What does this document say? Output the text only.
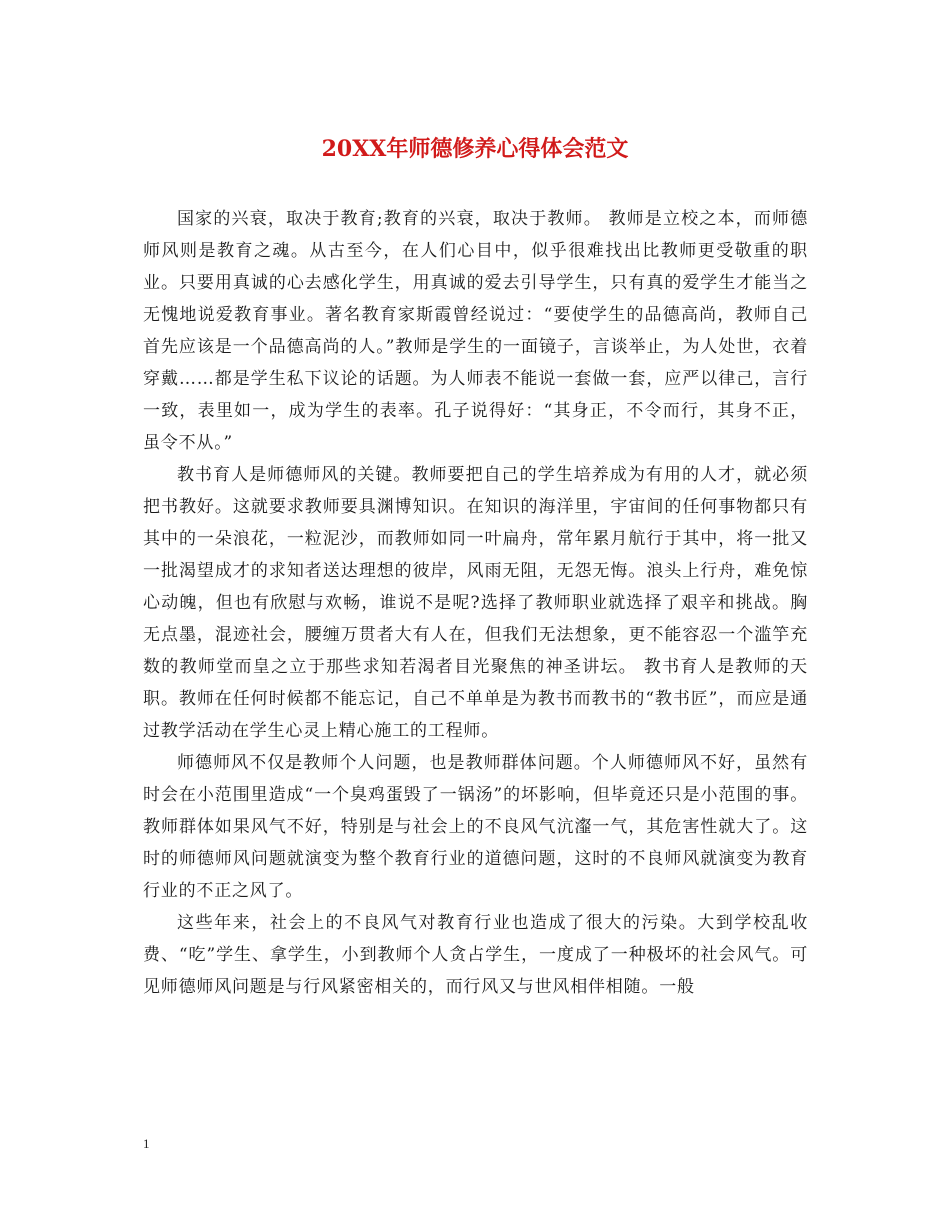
20XX年师德修养心得体会范文

国家的兴衰，取决于教育;教育的兴衰，取决于教师。 教师是立校之本，而师德师风则是教育之魂。从古至今，在人们心目中，似乎很难找出比教师更受敬重的职业。只要用真诚的心去感化学生，用真诚的爱去引导学生，只有真的爱学生才能当之无愧地说爱教育事业。著名教育家斯霞曾经说过：“要使学生的品德高尚，教师自己首先应该是一个品德高尚的人。”教师是学生的一面镜子，言谈举止，为人处世，衣着穿戴……都是学生私下议论的话题。为人师表不能说一套做一套，应严以律己，言行一致，表里如一，成为学生的表率。孔子说得好：“其身正，不令而行，其身不正，虽令不从。”

教书育人是师德师风的关键。教师要把自己的学生培养成为有用的人才，就必须把书教好。这就要求教师要具渊博知识。在知识的海洋里，宇宙间的任何事物都只有其中的一朵浪花，一粒泥沙，而教师如同一叶扁舟，常年累月航行于其中，将一批又一批渴望成才的求知者送达理想的彼岸，风雨无阻，无怨无悔。浪头上行舟，难免惊心动魄，但也有欣慰与欢畅，谁说不是呢?选择了教师职业就选择了艰辛和挑战。胸无点墨，混迹社会，腰缠万贯者大有人在，但我们无法想象，更不能容忍一个滥竽充数的教师堂而皇之立于那些求知若渴者目光聚焦的神圣讲坛。 教书育人是教师的天职。教师在任何时候都不能忘记，自己不单单是为教书而教书的“教书匠”，而应是通过教学活动在学生心灵上精心施工的工程师。

师德师风不仅是教师个人问题，也是教师群体问题。个人师德师风不好，虽然有时会在小范围里造成“一个臭鸡蛋毁了一锅汤”的坏影响，但毕竟还只是小范围的事。教师群体如果风气不好，特别是与社会上的不良风气沆瀣一气，其危害性就大了。这时的师德师风问题就演变为整个教育行业的道德问题，这时的不良师风就演变为教育行业的不正之风了。

这些年来，社会上的不良风气对教育行业也造成了很大的污染。大到学校乱收费、“吃”学生、拿学生，小到教师个人贪占学生，一度成了一种极坏的社会风气。可见师德师风问题是与行风紧密相关的，而行风又与世风相伴相随。一般

1
